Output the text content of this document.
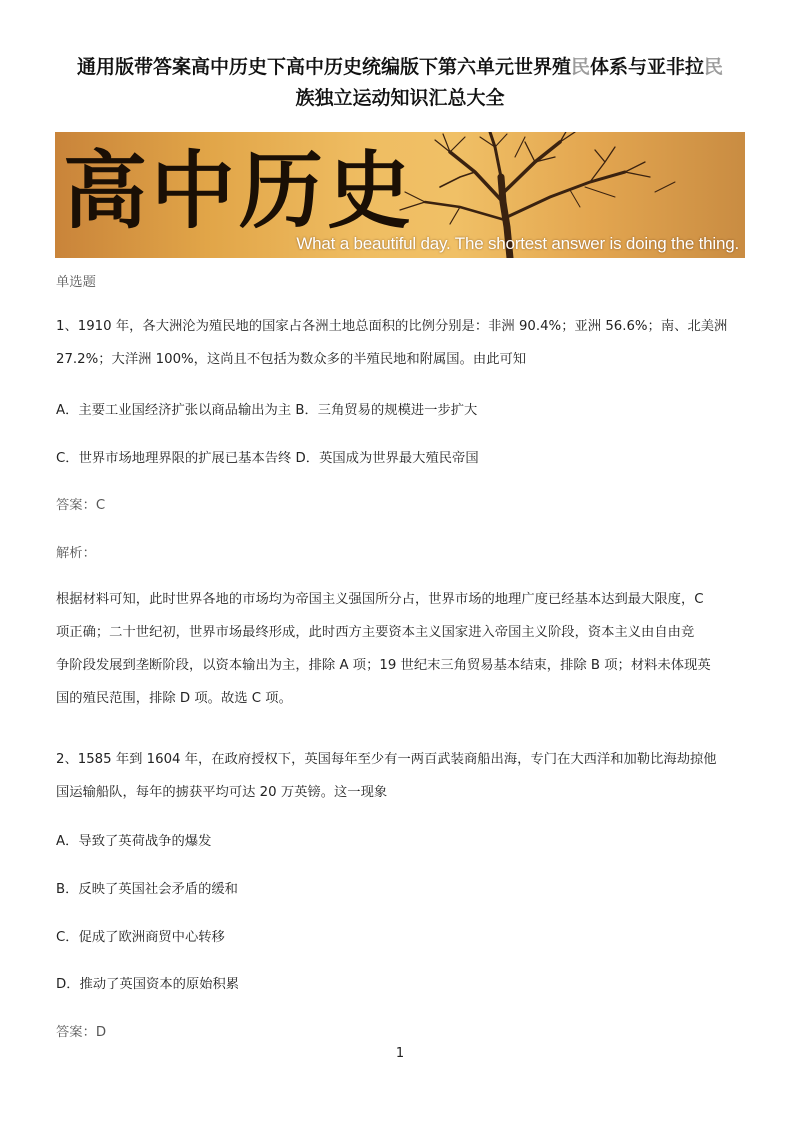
通用版带答案高中历史下高中历史统编版下第六单元世界殖民体系与亚非拉民
族独立运动知识汇总大全
高中历史
What a beautiful day. The shortest answer is doing the thing.
单选题
1、1910 年，各大洲沦为殖民地的国家占各洲土地总面积的比例分别是：非洲 90.4%；亚洲 56.6%；南、北美洲
27.2%；大洋洲 100%，这尚且不包括为数众多的半殖民地和附属国。由此可知
A．主要工业国经济扩张以商品输出为主 B．三角贸易的规模进一步扩大
C．世界市场地理界限的扩展已基本告终 D．英国成为世界最大殖民帝国
答案：C
解析：
根据材料可知，此时世界各地的市场均为帝国主义强国所分占，世界市场的地理广度已经基本达到最大限度，C
项正确；二十世纪初，世界市场最终形成，此时西方主要资本主义国家进入帝国主义阶段，资本主义由自由竞
争阶段发展到垄断阶段，以资本输出为主，排除 A 项；19 世纪末三角贸易基本结束，排除 B 项；材料未体现英
国的殖民范围，排除 D 项。故选 C 项。
2、1585 年到 1604 年，在政府授权下，英国每年至少有一两百武装商船出海，专门在大西洋和加勒比海劫掠他
国运输船队，每年的掳获平均可达 20 万英镑。这一现象
A．导致了英荷战争的爆发
B．反映了英国社会矛盾的缓和
C．促成了欧洲商贸中心转移
D．推动了英国资本的原始积累
答案：D
1
